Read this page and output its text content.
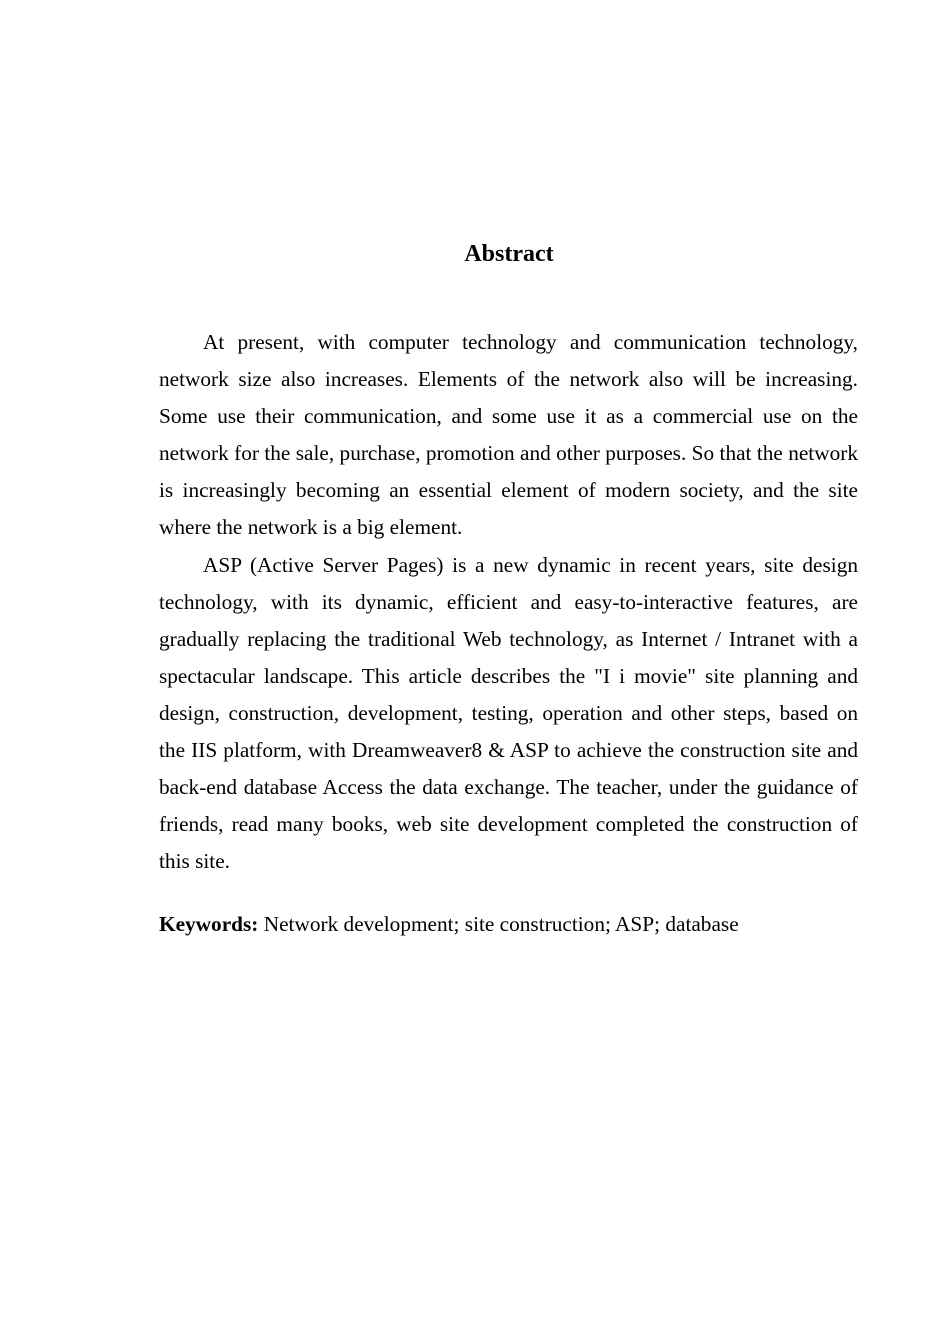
Abstract

At present, with computer technology and communication technology, network size also increases. Elements of the network also will be increasing. Some use their communication, and some use it as a commercial use on the network for the sale, purchase, promotion and other purposes. So that the network is increasingly becoming an essential element of modern society, and the site where the network is a big element.

ASP (Active Server Pages) is a new dynamic in recent years, site design technology, with its dynamic, efficient and easy-to-interactive features, are gradually replacing the traditional Web technology, as Internet / Intranet with a spectacular landscape. This article describes the "I i movie" site planning and design, construction, development, testing, operation and other steps, based on the IIS platform, with Dreamweaver8 & ASP to achieve the construction site and back-end database Access the data exchange. The teacher, under the guidance of friends, read many books, web site development completed the construction of this site.

Keywords: Network development; site construction; ASP; database
